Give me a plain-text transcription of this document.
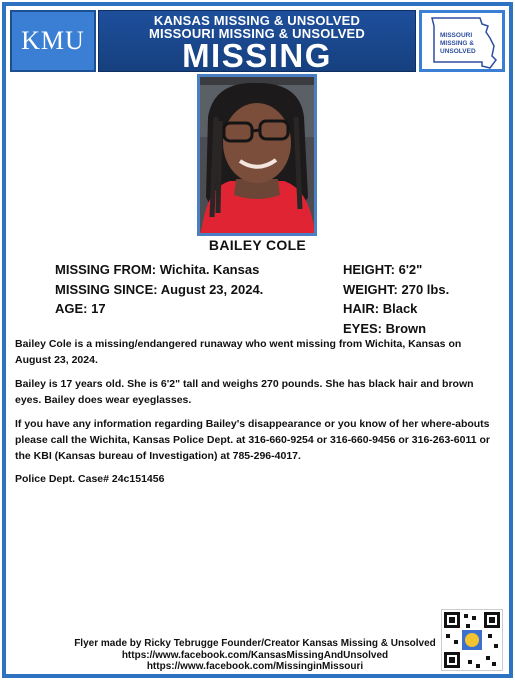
KMU
KANSAS MISSING & UNSOLVED
MISSOURI MISSING & UNSOLVED
MISSING
MISSOURI
MISSING &
UNSOLVED
BAILEY COLE
MISSING FROM: Wichita. Kansas
MISSING SINCE: August 23, 2024.
AGE: 17
HEIGHT: 6'2"
WEIGHT: 270 lbs.
HAIR: Black
EYES: Brown
Bailey Cole is a missing/endangered runaway who went missing from Wichita, Kansas on August 23, 2024.
Bailey is 17 years old. She is 6'2" tall and weighs 270 pounds. She has black hair and brown eyes. Bailey does wear eyeglasses.
If you have any information regarding Bailey's disappearance or you know of her where-abouts please call the Wichita, Kansas Police Dept. at 316-660-9254 or 316-660-9456 or 316-263-6011 or the KBI (Kansas bureau of Investigation) at 785-296-4017.
Police Dept. Case# 24c151456
Flyer made by Ricky Tebrugge Founder/Creator Kansas Missing & Unsolved
https://www.facebook.com/KansasMissingAndUnsolved
https://www.facebook.com/MissinginMissouri
